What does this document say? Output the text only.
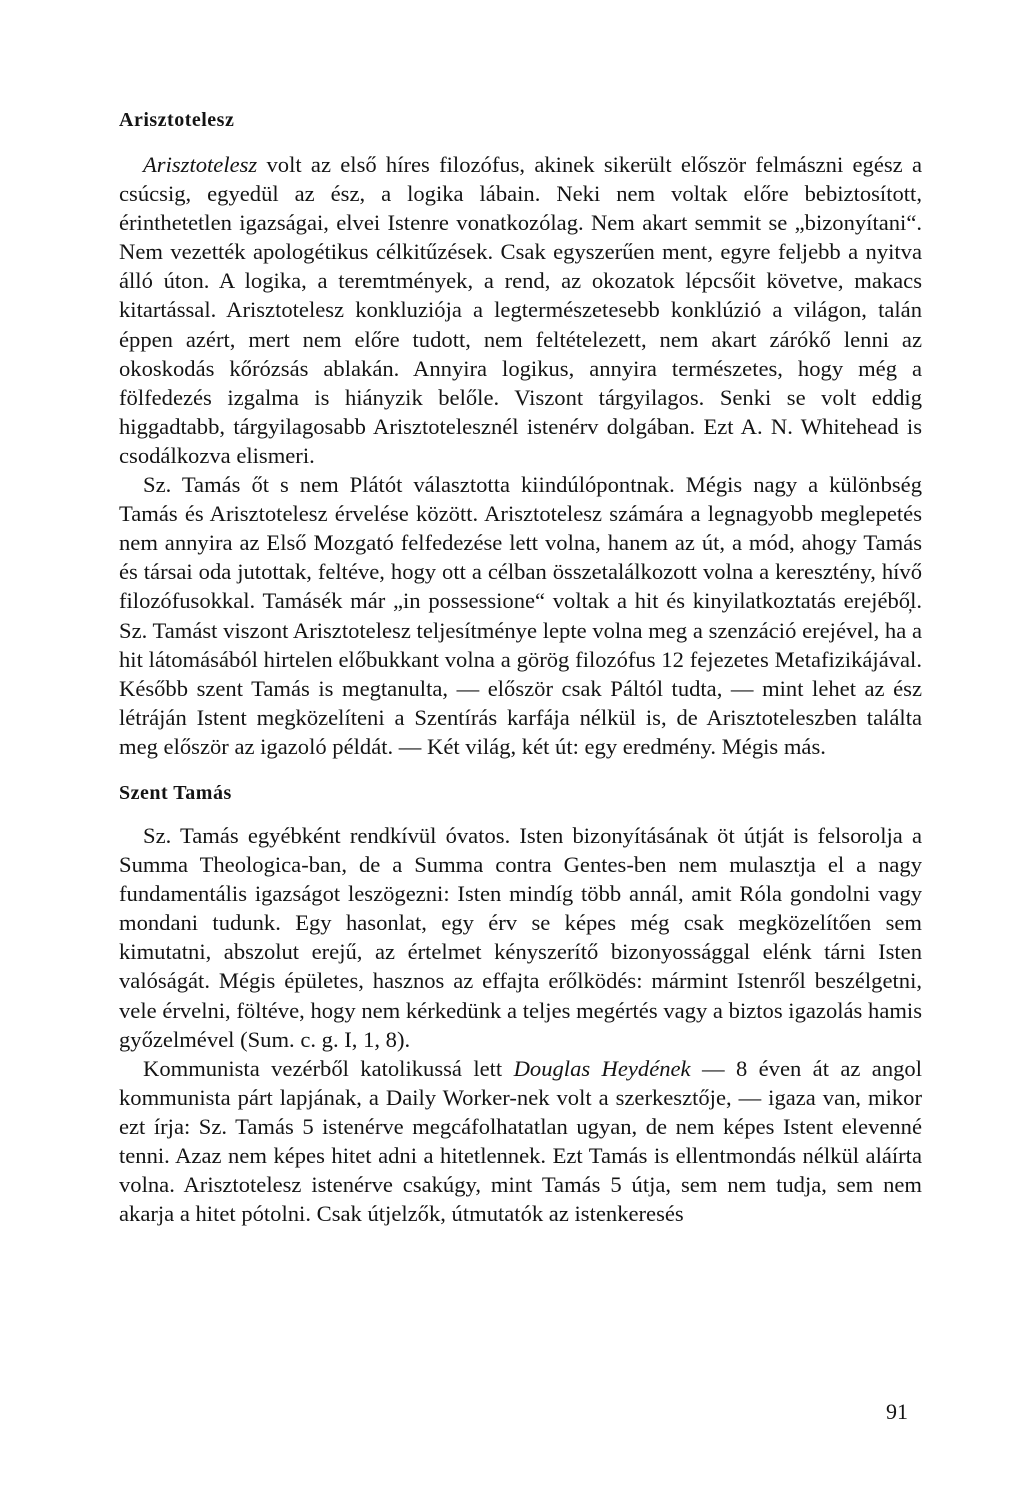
Arisztotelesz

Arisztotelesz volt az első híres filozófus, akinek sikerült először felmászni egész a csúcsig, egyedül az ész, a logika lábain. Neki nem voltak előre bebiztosított, érinthetetlen igazságai, elvei Istenre vonatkozólag. Nem akart semmit se „bizonyítani“. Nem vezették apologétikus célkitűzések. Csak egyszerűen ment, egyre feljebb a nyitva álló úton. A logika, a teremtmények, a rend, az okozatok lépcsőit követve, makacs kitartással. Arisztotelesz konkluziója a legtermészetesebb konklúzió a világon, talán éppen azért, mert nem előre tudott, nem feltételezett, nem akart zárókő lenni az okoskodás kőrózsás ablakán. Annyira logikus, annyira természetes, hogy még a fölfedezés izgalma is hiányzik belőle. Viszont tárgyilagos. Senki se volt eddig higgadtabb, tárgyilagosabb Arisztotelesznél istenérv dolgában. Ezt A. N. Whitehead is csodálkozva elismeri.

Sz. Tamás őt s nem Plátót választotta kiindúlópontnak. Mégis nagy a különbség Tamás és Arisztotelesz érvelése között. Arisztotelesz számára a legnagyobb meglepetés nem annyira az Első Mozgató felfedezése lett volna, hanem az út, a mód, ahogy Tamás és társai oda jutottak, feltéve, hogy ott a célban összetalálkozott volna a keresztény, hívő filozófusokkal. Tamásék már „in possessione“ voltak a hit és kinyilatkoztatás erejébő̦l. Sz. Tamást viszont Arisztotelesz teljesítménye lepte volna meg a szenzáció erejével, ha a hit látomásából hirtelen előbukkant volna a görög filozófus 12 fejezetes Metafizikájával. Később szent Tamás is megtanulta, — először csak Páltól tudta, — mint lehet az ész létráján Istent megközelíteni a Szentírás karfája nélkül is, de Arisztoteleszben találta meg először az igazoló példát. — Két világ, két út: egy eredmény. Mégis más.

Szent Tamás

Sz. Tamás egyébként rendkívül óvatos. Isten bizonyításának öt útját is felsorolja a Summa Theologica-ban, de a Summa contra Gentes-ben nem mulasztja el a nagy fundamentális igazságot leszögezni: Isten mindíg több annál, amit Róla gondolni vagy mondani tudunk. Egy hasonlat, egy érv se képes még csak megközelítően sem kimutatni, abszolut erejű, az értelmet kényszerítő bizonyossággal elénk tárni Isten valóságát. Mégis épületes, hasznos az effajta erőlködés: mármint Istenről beszélgetni, vele érvelni, föltéve, hogy nem kérkedünk a teljes megértés vagy a biztos igazolás hamis győzelmével (Sum. c. g. I, 1, 8).

Kommunista vezérből katolikussá lett Douglas Heydének — 8 éven át az angol kommunista párt lapjának, a Daily Worker-nek volt a szerkesztője, — igaza van, mikor ezt írja: Sz. Tamás 5 istenérve megcáfolhatatlan ugyan, de nem képes Istent elevenné tenni. Azaz nem képes hitet adni a hitetlennek. Ezt Tamás is ellentmondás nélkül aláírta volna. Arisztotelesz istenérve csakúgy, mint Tamás 5 útja, sem nem tudja, sem nem akarja a hitet pótolni. Csak útjelzők, útmutatók az istenkeresés

91
